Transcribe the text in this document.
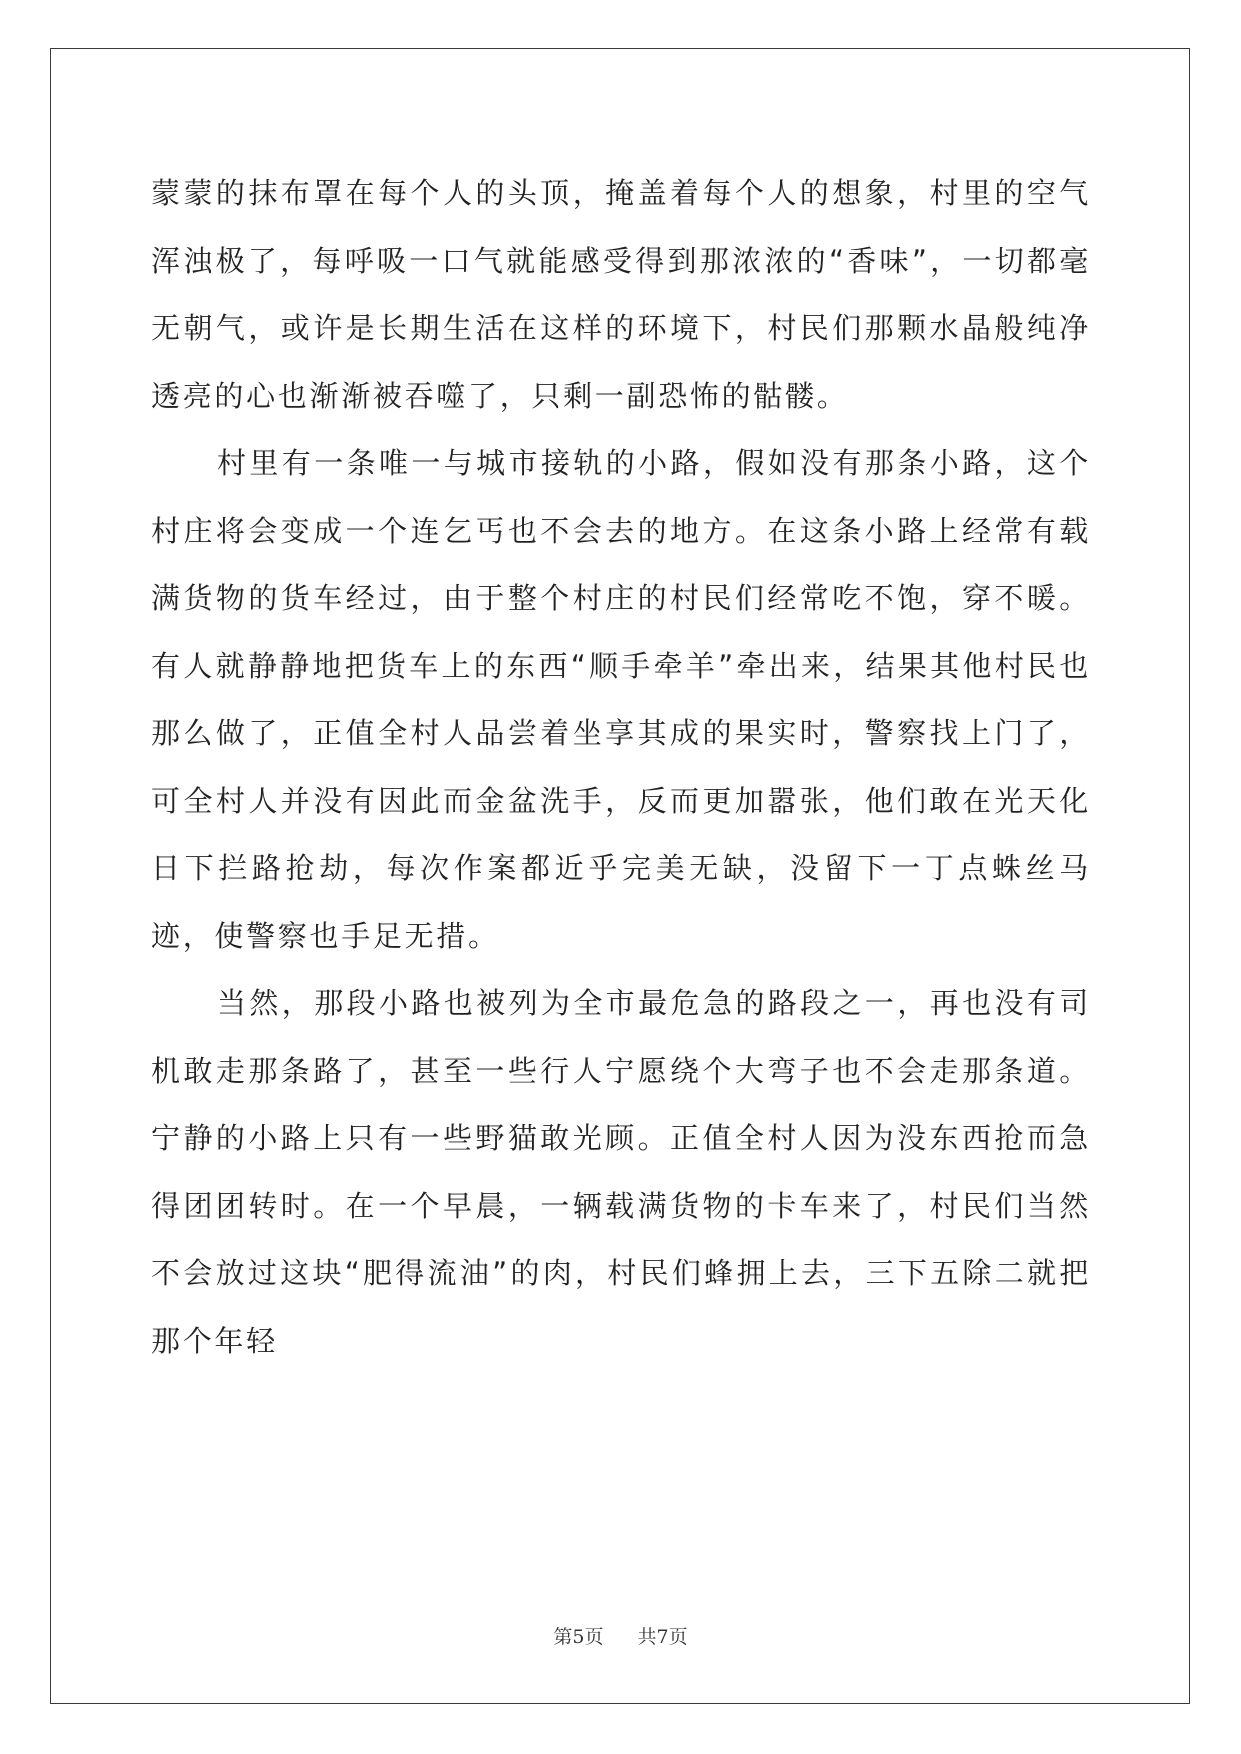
蒙蒙的抹布罩在每个人的头顶，掩盖着每个人的想象，村里的空气浑浊极了，每呼吸一口气就能感受得到那浓浓的“香味”，一切都毫无朝气，或许是长期生活在这样的环境下，村民们那颗水晶般纯净透亮的心也渐渐被吞噬了，只剩一副恐怖的骷髅。

村里有一条唯一与城市接轨的小路，假如没有那条小路，这个村庄将会变成一个连乞丐也不会去的地方。在这条小路上经常有载满货物的货车经过，由于整个村庄的村民们经常吃不饱，穿不暖。有人就静静地把货车上的东西“顺手牵羊”牵出来，结果其他村民也那么做了，正值全村人品尝着坐享其成的果实时，警察找上门了，可全村人并没有因此而金盆洗手，反而更加嚣张，他们敢在光天化日下拦路抢劫，每次作案都近乎完美无缺，没留下一丁点蛛丝马迹，使警察也手足无措。

当然，那段小路也被列为全市最危急的路段之一，再也没有司机敢走那条路了，甚至一些行人宁愿绕个大弯子也不会走那条道。宁静的小路上只有一些野猫敢光顾。正值全村人因为没东西抢而急得团团转时。在一个早晨，一辆载满货物的卡车来了，村民们当然不会放过这块“肥得流油”的肉，村民们蜂拥上去，三下五除二就把那个年轻

第5页 共7页
